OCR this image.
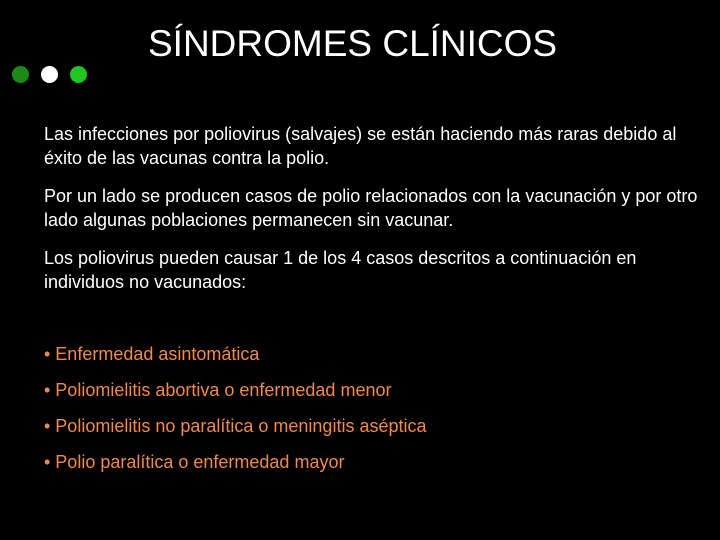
SÍNDROMES CLÍNICOS

Las infecciones por poliovirus (salvajes) se están haciendo más raras debido al éxito de las vacunas contra la polio.

Por un lado se producen casos de polio relacionados con la vacunación y por otro lado algunas poblaciones permanecen sin vacunar.

Los poliovirus pueden causar 1 de los 4 casos descritos a continuación en individuos no vacunados:

• Enfermedad asintomática
• Poliomielitis abortiva o enfermedad menor
• Poliomielitis no paralítica o meningitis aséptica
• Polio paralítica o enfermedad mayor
